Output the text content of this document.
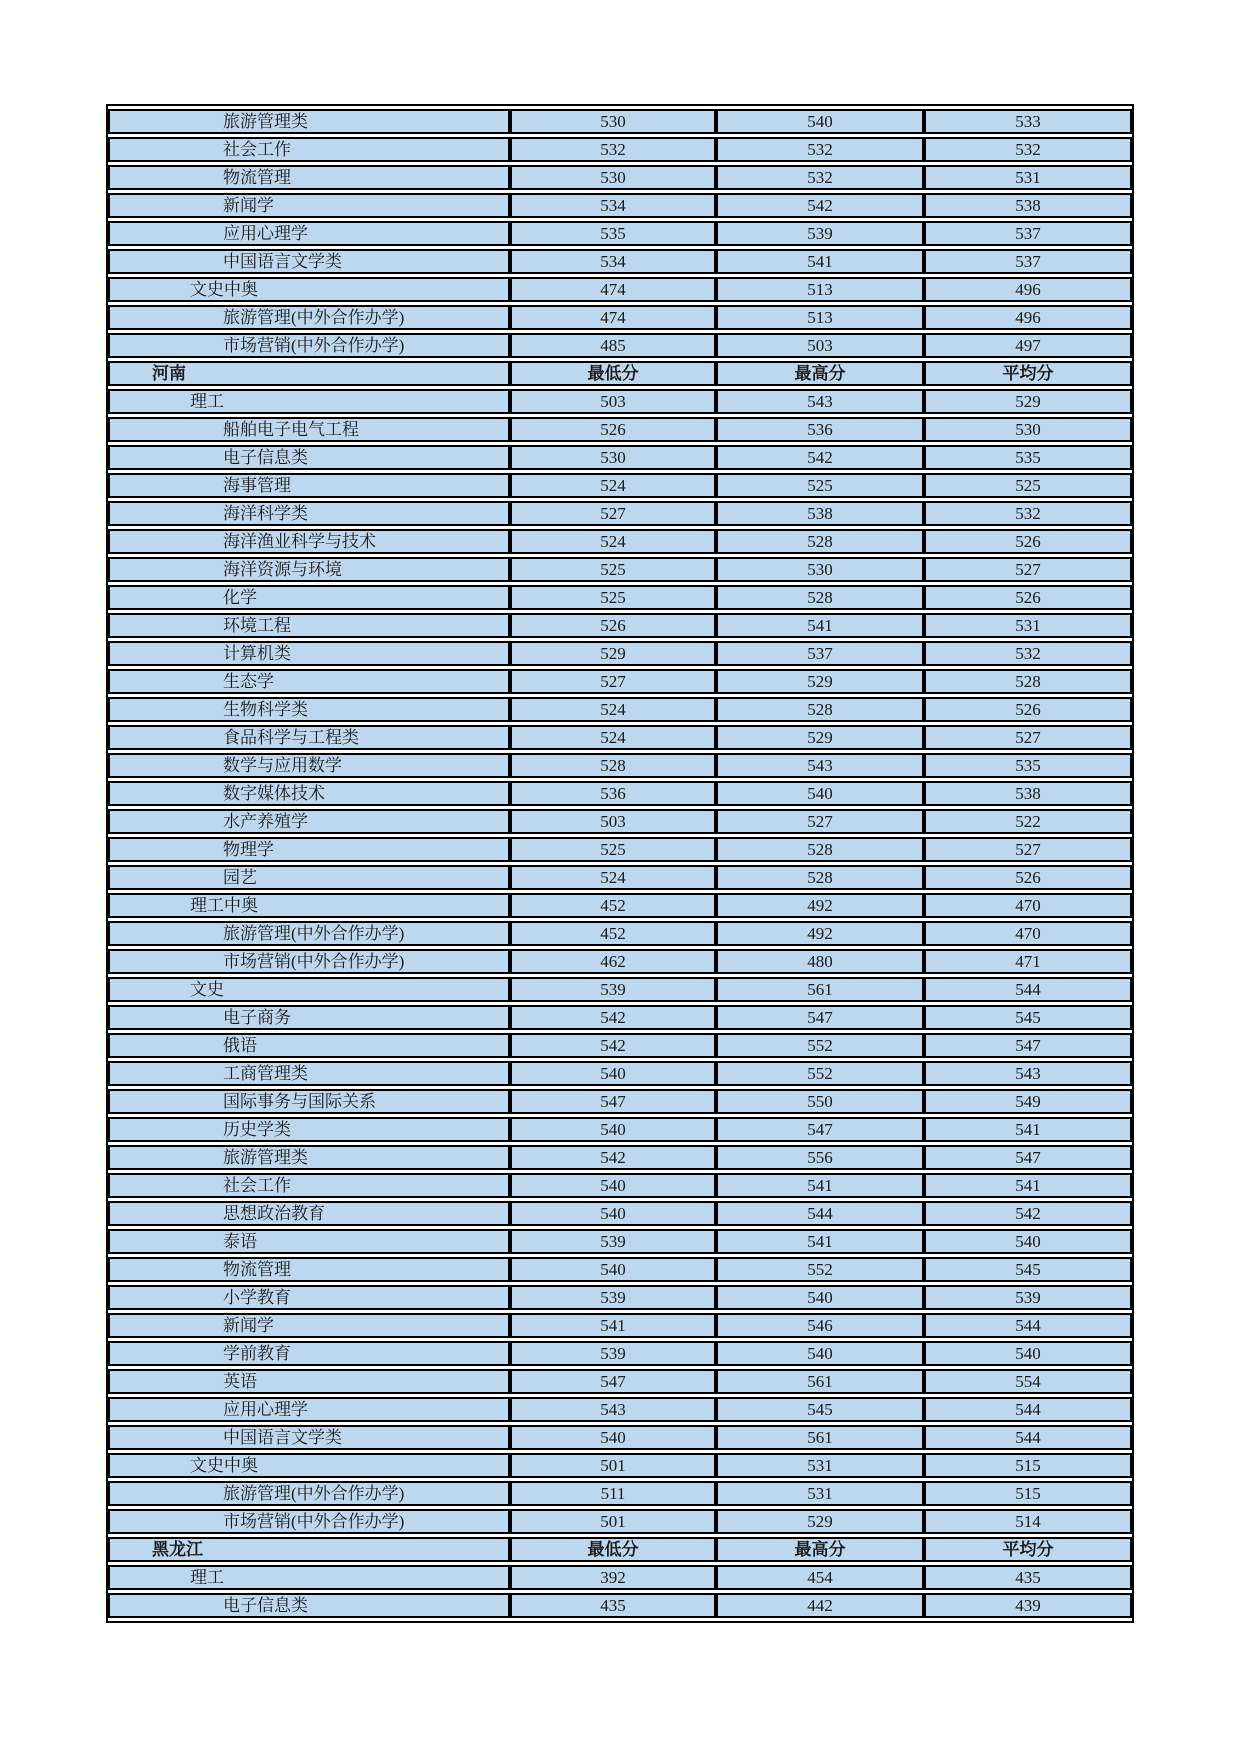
旅游管理类	530	540	533
社会工作	532	532	532
物流管理	530	532	531
新闻学	534	542	538
应用心理学	535	539	537
中国语言文学类	534	541	537
文史中奥	474	513	496
旅游管理(中外合作办学)	474	513	496
市场营销(中外合作办学)	485	503	497
河南	最低分	最高分	平均分
理工	503	543	529
船舶电子电气工程	526	536	530
电子信息类	530	542	535
海事管理	524	525	525
海洋科学类	527	538	532
海洋渔业科学与技术	524	528	526
海洋资源与环境	525	530	527
化学	525	528	526
环境工程	526	541	531
计算机类	529	537	532
生态学	527	529	528
生物科学类	524	528	526
食品科学与工程类	524	529	527
数学与应用数学	528	543	535
数字媒体技术	536	540	538
水产养殖学	503	527	522
物理学	525	528	527
园艺	524	528	526
理工中奥	452	492	470
旅游管理(中外合作办学)	452	492	470
市场营销(中外合作办学)	462	480	471
文史	539	561	544
电子商务	542	547	545
俄语	542	552	547
工商管理类	540	552	543
国际事务与国际关系	547	550	549
历史学类	540	547	541
旅游管理类	542	556	547
社会工作	540	541	541
思想政治教育	540	544	542
泰语	539	541	540
物流管理	540	552	545
小学教育	539	540	539
新闻学	541	546	544
学前教育	539	540	540
英语	547	561	554
应用心理学	543	545	544
中国语言文学类	540	561	544
文史中奥	501	531	515
旅游管理(中外合作办学)	511	531	515
市场营销(中外合作办学)	501	529	514
黑龙江	最低分	最高分	平均分
理工	392	454	435
电子信息类	435	442	439
